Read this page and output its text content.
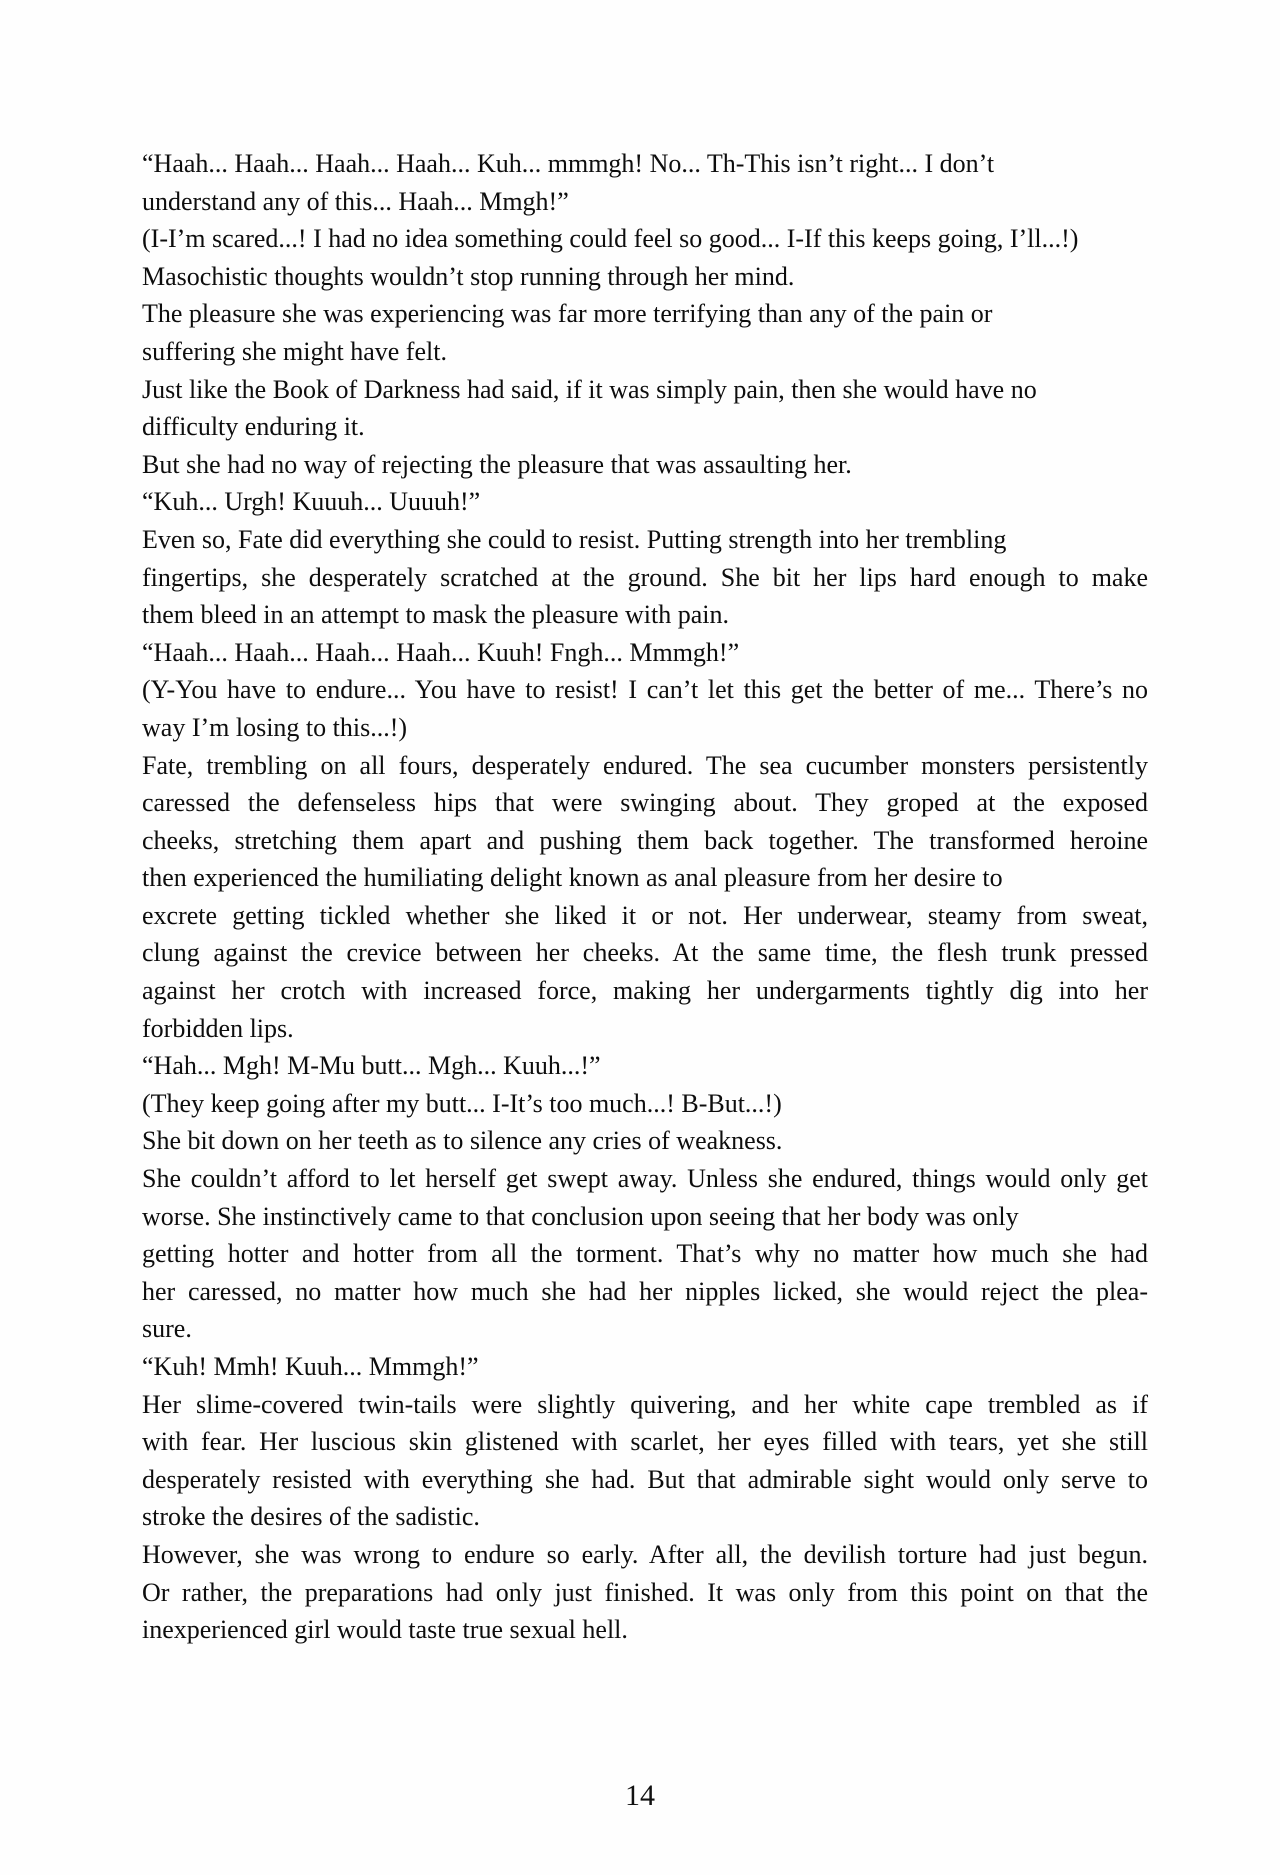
“Haah... Haah... Haah... Haah... Kuh... mmmgh! No... Th-This isn’t right... I don’t
understand any of this... Haah... Mmgh!”

(I-I’m scared...! I had no idea something could feel so good... I-If this keeps going, I’ll...!)

Masochistic thoughts wouldn’t stop running through her mind.

The pleasure she was experiencing was far more terrifying than any of the pain or
suffering she might have felt.

Just like the Book of Darkness had said, if it was simply pain, then she would have no
difficulty enduring it.

But she had no way of rejecting the pleasure that was assaulting her.

“Kuh... Urgh! Kuuuh... Uuuuh!”

Even so, Fate did everything she could to resist. Putting strength into her trembling
fingertips, she desperately scratched at the ground. She bit her lips hard enough to make
them bleed in an attempt to mask the pleasure with pain.

“Haah... Haah... Haah... Haah... Kuuh! Fngh... Mmmgh!”

(Y-You have to endure... You have to resist! I can’t let this get the better of me... There’s no
way I’m losing to this...!)

Fate, trembling on all fours, desperately endured. The sea cucumber monsters persistently
caressed the defenseless hips that were swinging about. They groped at the exposed
cheeks, stretching them apart and pushing them back together. The transformed heroine
then experienced the humiliating delight known as anal pleasure from her desire to
excrete getting tickled whether she liked it or not. Her underwear, steamy from sweat,
clung against the crevice between her cheeks. At the same time, the flesh trunk pressed
against her crotch with increased force, making her undergarments tightly dig into her
forbidden lips.

“Hah... Mgh! M-Mu butt... Mgh... Kuuh...!”

(They keep going after my butt... I-It’s too much...! B-But...!)

She bit down on her teeth as to silence any cries of weakness.

She couldn’t afford to let herself get swept away. Unless she endured, things would only get
worse. She instinctively came to that conclusion upon seeing that her body was only
getting hotter and hotter from all the torment. That’s why no matter how much she had
her caressed, no matter how much she had her nipples licked, she would reject the plea-
sure.

“Kuh! Mmh! Kuuh... Mmmgh!”

Her slime-covered twin-tails were slightly quivering, and her white cape trembled as if
with fear. Her luscious skin glistened with scarlet, her eyes filled with tears, yet she still
desperately resisted with everything she had. But that admirable sight would only serve to
stroke the desires of the sadistic.

However, she was wrong to endure so early. After all, the devilish torture had just begun.
Or rather, the preparations had only just finished. It was only from this point on that the
inexperienced girl would taste true sexual hell.

14
